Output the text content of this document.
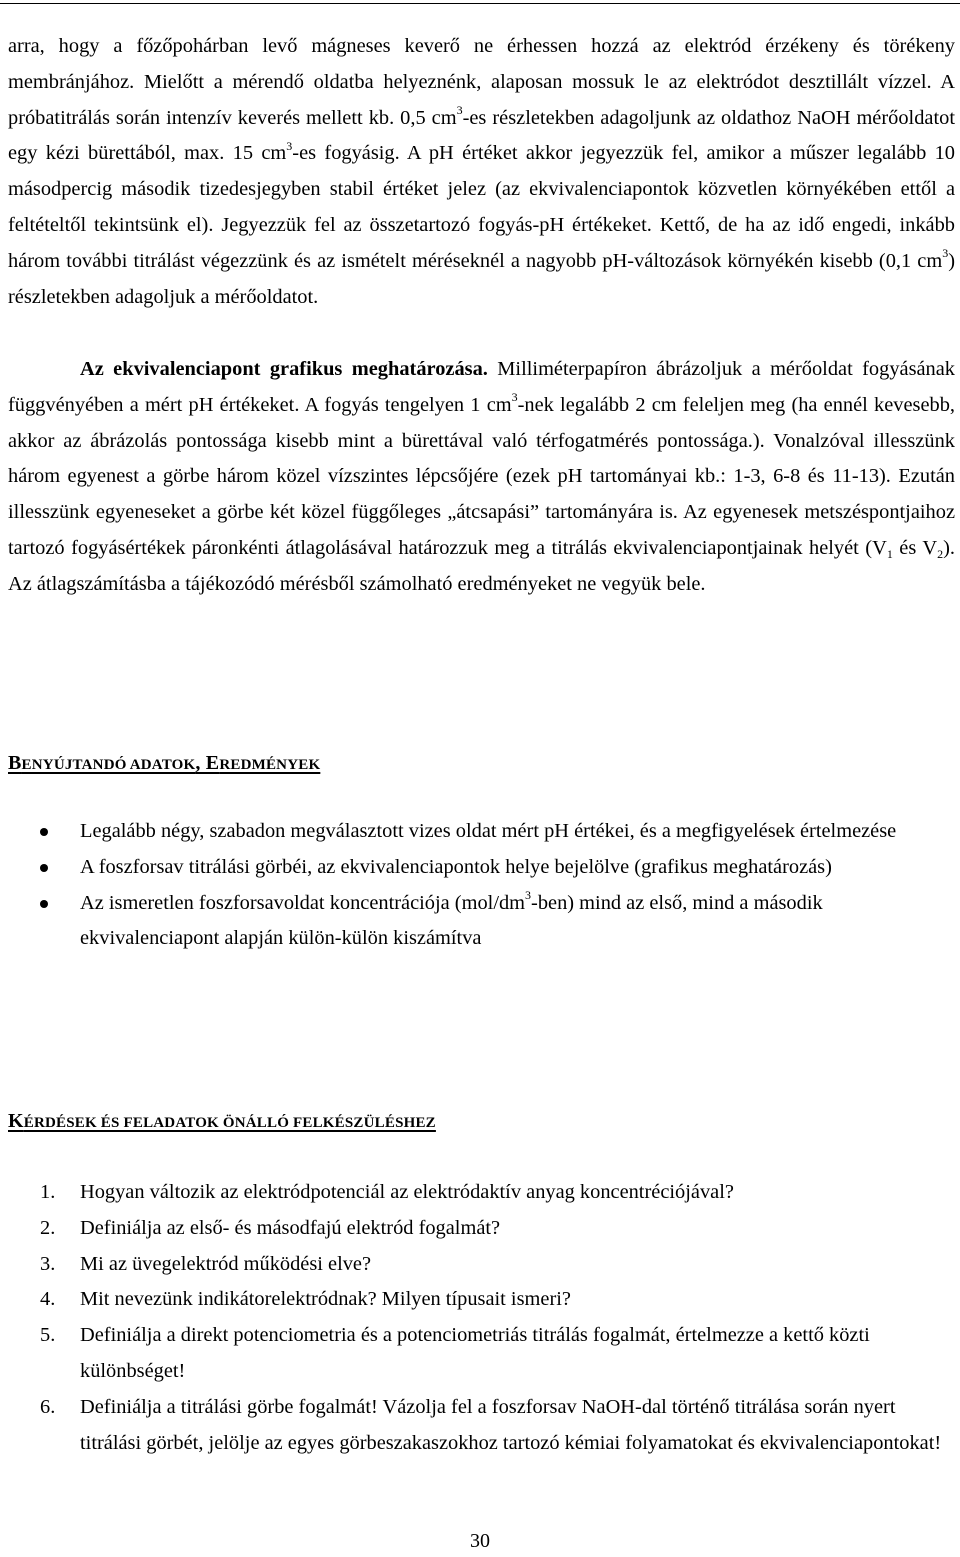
arra, hogy a főzőpohárban levő mágneses keverő ne érhessen hozzá az elektród érzékeny és törékeny membránjához. Mielőtt a mérendő oldatba helyeznénk, alaposan mossuk le az elektródot desztillált vízzel. A próbatitrálás során intenzív keverés mellett kb. 0,5 $cm^3-es$ részletekben adagoljunk az oldathoz NaOH mérőoldatot egy kézi bürettából, max. 15 $cm^3-es$ fogyásig. A pH értéket akkor jegyezzük fel, amikor a műszer legalább 10 másodpercig második tizedesjegyben stabil értéket jelez (az ekvivalenciapontok közvetlen környékében ettől a feltételtől tekintsünk el). Jegyezzük fel az összetartozó fogyás-pH értékeket. Kettő, de ha az idő engedi, inkább három további titrálást végezzünk és az ismételt méréseknél a nagyobb pH-változások környékén kisebb (0,1 $cm^3$) részletekben adagoljuk a mérőoldatot.
Az ekvivalenciapont grafikus meghatározása. Milliméterpapíron ábrázoljuk a mérőoldat fogyásának függvényében a mért pH értékeket. A fogyás tengelyen 1 $cm^3$-nek legalább 2 cm feleljen meg (ha ennél kevesebb, akkor az ábrázolás pontossága kisebb mint a bürettával való térfogatmérés pontossága.). Vonalzóval illesszünk három egyenest a görbe három közel vízszintes lépcsőjére (ezek pH tartományai kb.: 1-3, 6-8 és 11-13). Ezután illesszünk egyeneseket a görbe két közel függőleges „átcsapási” tartományára is. Az egyenesek metszéspontjaihoz tartozó fogyásértékek páronkénti átlagolásával határozzuk meg a titrálás ekvivalenciapontjainak helyét ($V_1$ és $V_2$). Az átlagszámításba a tájékozódó mérésből számolható eredményeket ne vegyük bele.
BENYÚJTANDÓ ADATOK, EREDMÉNYEK
Legalább négy, szabadon megválasztott vizes oldat mért pH értékei, és a megfigyelések értelmezése
A foszforsav titrálási görbéi, az ekvivalenciapontok helye bejelölve (grafikus meghatározás)
Az ismeretlen foszforsavoldat koncentrációja $(mol/dm^3-ben)$ mind az első, mind a második ekvivalenciapont alapján külön-külön kiszámítva
KÉRDÉSEK ÉS FELADATOK ÖNÁLLÓ FELKÉSZÜLÉSHEZ
1. Hogyan változik az elektródpotenciál az elektródaktív anyag koncentréciójával?
2. Definiálja az első- és másodfajú elektród fogalmát?
3. Mi az üvegelektród működési elve?
4. Mit nevezünk indikátorelektródnak? Milyen típusait ismeri?
5. Definiálja a direkt potenciometria és a potenciometriás titrálás fogalmát, értelmezze a kettő közti különbséget!
6. Definiálja a titrálási görbe fogalmát! Vázolja fel a foszforsav NaOH-dal történő titrálása során nyert titrálási görbét, jelölje az egyes görbeszakaszokhoz tartozó kémiai folyamatokat és ekvivalenciapontokat!
30
